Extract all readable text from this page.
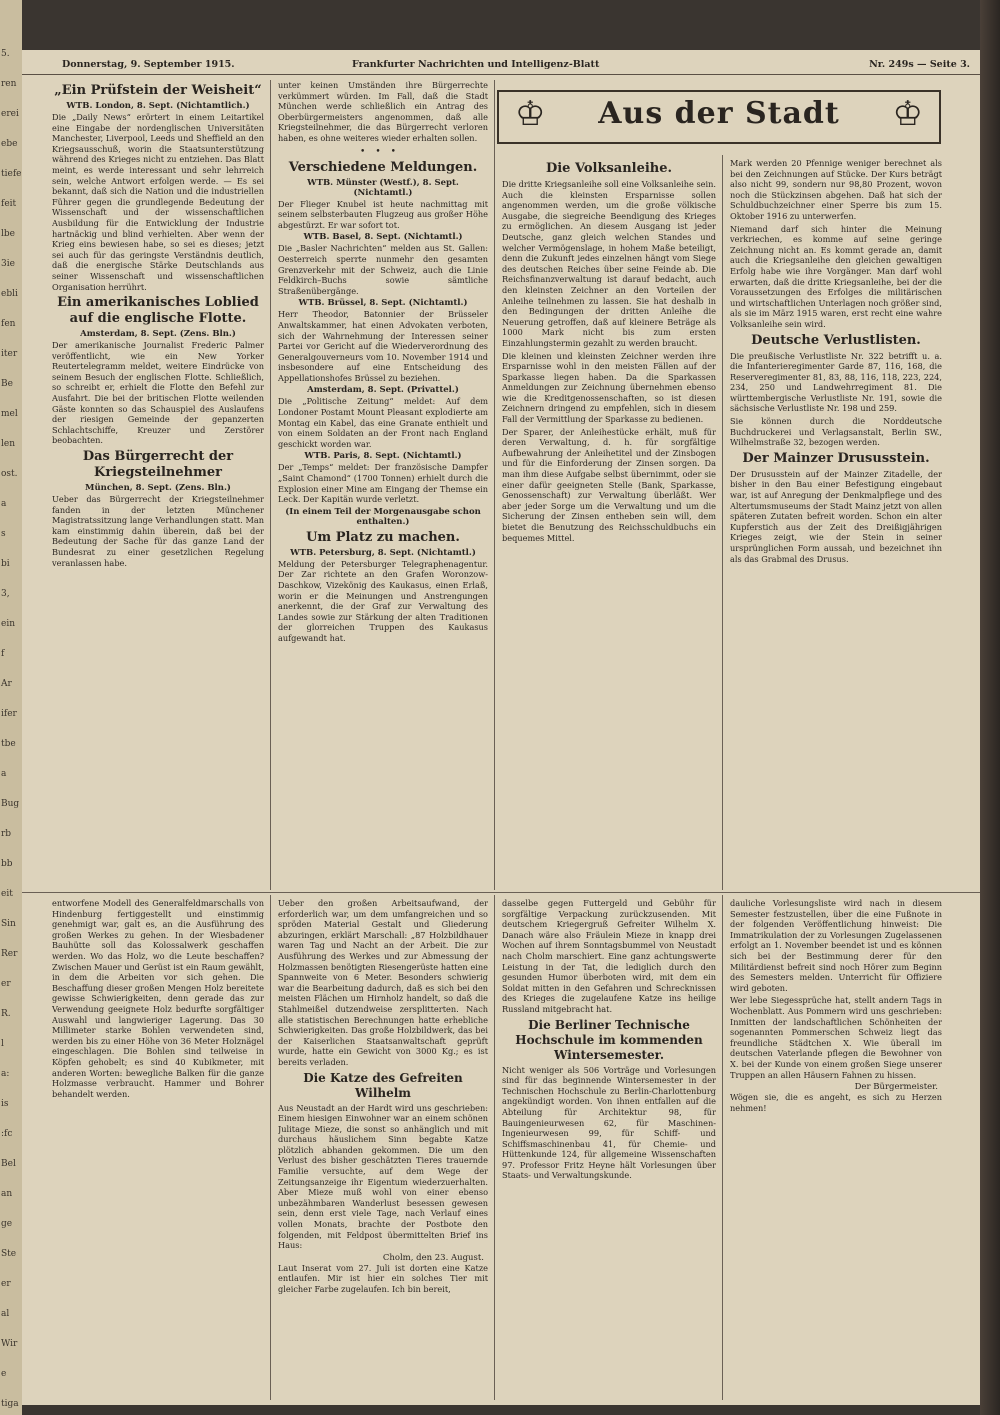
5.
ren
erei
ebe
tiefe
feit
lbe
3ie
ebli
fen
iter
Be
mel
len
ost.
a
s
bi
3,
ein
f
Ar
ifer
tbe
a
Bug
rb
bb
eit
Sin
Rer
er
R.
l
a:
is
:fc
Bel
an
ge
Ste
er
al
Wir
e
tiga
Donnerstag, 9. September 1915.	Frankfurter Nachrichten und Intelligenz-Blatt	Nr. 249s — Seite 3.
♔	Aus der Stadt	♔
„Ein Prüfstein der Weisheit“
WTB. London, 8. Sept. (Nichtamtlich.)

Die „Daily News“ erörtert in einem Leitartikel eine Eingabe der nordenglischen Universitäten Manchester, Liverpool, Leeds und Sheffield an den Kriegsausschuß, worin die Staatsunterstützung während des Krieges nicht zu entziehen. Das Blatt meint, es werde interessant und sehr lehrreich sein, welche Antwort erfolgen werde. — Es sei bekannt, daß sich die Nation und die industriellen Führer gegen die grundlegende Bedeutung der Wissenschaft und der wissenschaftlichen Ausbildung für die Entwicklung der Industrie hartnäckig und blind verhielten. Aber wenn der Krieg eins bewiesen habe, so sei es dieses; jetzt sei auch für das geringste Verständnis deutlich, daß die energische Stärke Deutschlands aus seiner Wissenschaft und wissenschaftlichen Organisation herrührt.

Ein amerikanisches Loblied auf die englische Flotte.
Amsterdam, 8. Sept. (Zens. Bln.)

Der amerikanische Journalist Frederic Palmer veröffentlicht, wie ein New Yorker Reutertelegramm meldet, weitere Eindrücke von seinem Besuch der englischen Flotte. Schließlich, so schreibt er, erhielt die Flotte den Befehl zur Ausfahrt. Die bei der britischen Flotte weilenden Gäste konnten so das Schauspiel des Auslaufens der riesigen Gemeinde der gepanzerten Schlachtschiffe, Kreuzer und Zerstörer beobachten.

Das Bürgerrecht der Kriegsteilnehmer
München, 8. Sept. (Zens. Bln.)

Ueber das Bürgerrecht der Kriegsteilnehmer fanden in der letzten Münchener Magistratssitzung lange Verhandlungen statt. Man kam einstimmig dahin überein, daß bei der Bedeutung der Sache für das ganze Land der Bundesrat zu einer gesetzlichen Regelung veranlassen habe.

unter keinen Umständen ihre Bürgerrechte verkümmert würden. Im Fall, daß die Stadt München werde schließlich ein Antrag des Oberbürgermeisters angenommen, daß alle Kriegsteilnehmer, die das Bürgerrecht verloren haben, es ohne weiteres wieder erhalten sollen.

•••
Verschiedene Meldungen.
WTB. Münster (Westf.), 8. Sept. (Nichtamtl.)

Der Flieger Knubel ist heute nachmittag mit seinem selbsterbauten Flugzeug aus großer Höhe abgestürzt. Er war sofort tot.

WTB. Basel, 8. Sept. (Nichtamtl.)

Die „Basler Nachrichten“ melden aus St. Gallen: Oesterreich sperrte nunmehr den gesamten Grenzverkehr mit der Schweiz, auch die Linie Feldkirch–Buchs sowie sämtliche Straßenübergänge.

WTB. Brüssel, 8. Sept. (Nichtamtl.)

Herr Theodor, Batonnier der Brüsseler Anwaltskammer, hat einen Advokaten verboten, sich der Wahrnehmung der Interessen seiner Partei vor Gericht auf die Wiederverordnung des Generalgouverneurs vom 10. November 1914 und insbesondere auf eine Entscheidung des Appellationshofes Brüssel zu beziehen.

Amsterdam, 8. Sept. (Privattel.)

Die „Politische Zeitung“ meldet: Auf dem Londoner Postamt Mount Pleasant explodierte am Montag ein Kabel, das eine Granate enthielt und von einem Soldaten an der Front nach England geschickt worden war.

WTB. Paris, 8. Sept. (Nichtamtl.)

Der „Temps“ meldet: Der französische Dampfer „Saint Chamond“ (1700 Tonnen) erhielt durch die Explosion einer Mine am Eingang der Themse ein Leck. Der Kapitän wurde verletzt.

(In einem Teil der Morgenausgabe schon enthalten.)
Um Platz zu machen.
WTB. Petersburg, 8. Sept. (Nichtamtl.)

Meldung der Petersburger Telegraphenagentur. Der Zar richtete an den Grafen Woronzow-Daschkow, Vizekönig des Kaukasus, einen Erlaß, worin er die Meinungen und Anstrengungen anerkennt, die der Graf zur Verwaltung des Landes sowie zur Stärkung der alten Traditionen der glorreichen Truppen des Kaukasus aufgewandt hat.

Die Volksanleihe.

Die dritte Kriegsanleihe soll eine Volksanleihe sein. Auch die kleinsten Ersparnisse sollen angenommen werden, um die große völkische Ausgabe, die siegreiche Beendigung des Krieges zu ermöglichen. An diesem Ausgang ist jeder Deutsche, ganz gleich welchen Standes und welcher Vermögenslage, in hohem Maße beteiligt, denn die Zukunft jedes einzelnen hängt vom Siege des deutschen Reiches über seine Feinde ab. Die Reichsfinanzverwaltung ist darauf bedacht, auch den kleinsten Zeichner an den Vorteilen der Anleihe teilnehmen zu lassen. Sie hat deshalb in den Bedingungen der dritten Anleihe die Neuerung getroffen, daß auf kleinere Beträge als 1000 Mark nicht bis zum ersten Einzahlungstermin gezahlt zu werden braucht.

Die kleinen und kleinsten Zeichner werden ihre Ersparnisse wohl in den meisten Fällen auf der Sparkasse liegen haben. Da die Sparkassen Anmeldungen zur Zeichnung übernehmen ebenso wie die Kreditgenossenschaften, so ist diesen Zeichnern dringend zu empfehlen, sich in diesem Fall der Vermittlung der Sparkasse zu bedienen.

Der Sparer, der Anleihestücke erhält, muß für deren Verwaltung, d. h. für sorgfältige Aufbewahrung der Anleihetitel und der Zinsbogen und für die Einforderung der Zinsen sorgen. Da man ihm diese Aufgabe selbst übernimmt, oder sie einer dafür geeigneten Stelle (Bank, Sparkasse, Genossenschaft) zur Verwaltung überläßt. Wer aber jeder Sorge um die Verwaltung und um die Sicherung der Zinsen entheben sein will, dem bietet die Benutzung des Reichsschuldbuchs ein bequemes Mittel.

Mark werden 20 Pfennige weniger berechnet als bei den Zeichnungen auf Stücke. Der Kurs beträgt also nicht 99, sondern nur 98,80 Prozent, wovon noch die Stückzinsen abgehen. Daß hat sich der Schuldbuchzeichner einer Sperre bis zum 15. Oktober 1916 zu unterwerfen.

Niemand darf sich hinter die Meinung verkriechen, es komme auf seine geringe Zeichnung nicht an. Es kommt gerade an, damit auch die Kriegsanleihe den gleichen gewaltigen Erfolg habe wie ihre Vorgänger. Man darf wohl erwarten, daß die dritte Kriegsanleihe, bei der die Voraussetzungen des Erfolges die militärischen und wirtschaftlichen Unterlagen noch größer sind, als sie im März 1915 waren, erst recht eine wahre Volksanleihe sein wird.

Deutsche Verlustlisten.

Die preußische Verlustliste Nr. 322 betrifft u. a. die Infanterieregimenter Garde 87, 116, 168, die Reserveregimenter 81, 83, 88, 116, 118, 223, 224, 234, 250 und Landwehrregiment 81. Die württembergische Verlustliste Nr. 191, sowie die sächsische Verlustliste Nr. 198 und 259.

Sie können durch die Norddeutsche Buchdruckerei und Verlagsanstalt, Berlin SW., Wilhelmstraße 32, bezogen werden.

Der Mainzer Drususstein.

Der Drususstein auf der Mainzer Zitadelle, der bisher in den Bau einer Befestigung eingebaut war, ist auf Anregung der Denkmalpflege und des Altertumsmuseums der Stadt Mainz jetzt von allen späteren Zutaten befreit worden. Schon ein alter Kupferstich aus der Zeit des Dreißigjährigen Krieges zeigt, wie der Stein in seiner ursprünglichen Form aussah, und bezeichnet ihn als das Grabmal des Drusus.

entworfene Modell des Generalfeldmarschalls von Hindenburg fertiggestellt und einstimmig genehmigt war, galt es, an die Ausführung des großen Werkes zu gehen. In der Wiesbadener Bauhütte soll das Kolossalwerk geschaffen werden. Wo das Holz, wo die Leute beschaffen? Zwischen Mauer und Gerüst ist ein Raum gewählt, in dem die Arbeiten vor sich gehen. Die Beschaffung dieser großen Mengen Holz bereitete gewisse Schwierigkeiten, denn gerade das zur Verwendung geeignete Holz bedurfte sorgfältiger Auswahl und langwieriger Lagerung. Das 30 Millimeter starke Bohlen verwendeten sind, werden bis zu einer Höhe von 36 Meter Holznägel eingeschlagen. Die Bohlen sind teilweise in Köpfen gehobelt; es sind 40 Kubikmeter, mit anderen Worten: bewegliche Balken für die ganze Holzmasse verbraucht. Hammer und Bohrer behandelt werden.

Ueber den großen Arbeitsaufwand, der erforderlich war, um dem umfangreichen und so spröden Material Gestalt und Gliederung abzuringen, erklärt Marschall: „87 Holzbildhauer waren Tag und Nacht an der Arbeit. Die zur Ausführung des Werkes und zur Abmessung der Holzmassen benötigten Riesengerüste hatten eine Spannweite von 6 Meter. Besonders schwierig war die Bearbeitung dadurch, daß es sich bei den meisten Flächen um Hirnholz handelt, so daß die Stahlmeißel dutzendweise zersplitterten. Nach alle statistischen Berechnungen hatte erhebliche Schwierigkeiten. Das große Holzbildwerk, das bei der Kaiserlichen Staatsanwaltschaft geprüft wurde, hatte ein Gewicht von 3000 Kg.; es ist bereits verladen.

Die Katze des Gefreiten Wilhelm

Aus Neustadt an der Hardt wird uns geschrieben: Einem hiesigen Einwohner war an einem schönen Julitage Mieze, die sonst so anhänglich und mit durchaus häuslichem Sinn begabte Katze plötzlich abhanden gekommen. Die um den Verlust des bisher geschätzten Tieres trauernde Familie versuchte, auf dem Wege der Zeitungsanzeige ihr Eigentum wiederzuerhalten. Aber Mieze muß wohl von einer ebenso unbezähmbaren Wanderlust besessen gewesen sein, denn erst viele Tage, nach Verlauf eines vollen Monats, brachte der Postbote den folgenden, mit Feldpost übermittelten Brief ins Haus:

Cholm, den 23. August.

Laut Inserat vom 27. Juli ist dorten eine Katze entlaufen. Mir ist hier ein solches Tier mit gleicher Farbe zugelaufen. Ich bin bereit,

dasselbe gegen Futtergeld und Gebühr für sorgfältige Verpackung zurückzusenden. Mit deutschem Kriegergruß Gefreiter Wilhelm X. Danach wäre also Fräulein Mieze in knapp drei Wochen auf ihrem Sonntagsbummel von Neustadt nach Cholm marschiert. Eine ganz achtungswerte Leistung in der Tat, die lediglich durch den gesunden Humor überboten wird, mit dem ein Soldat mitten in den Gefahren und Schrecknissen des Krieges die zugelaufene Katze ins heilige Russland mitgebracht hat.

Die Berliner Technische Hochschule im kommenden Wintersemester.

Nicht weniger als 506 Vorträge und Vorlesungen sind für das beginnende Wintersemester in der Technischen Hochschule zu Berlin-Charlottenburg angekündigt worden. Von ihnen entfallen auf die Abteilung für Architektur 98, für Bauingenieurwesen 62, für Maschinen-Ingenieurwesen 99, für Schiff- und Schiffsmaschinenbau 41, für Chemie- und Hüttenkunde 124, für allgemeine Wissenschaften 97. Professor Fritz Heyne hält Vorlesungen über Staats- und Verwaltungskunde.

dauliche Vorlesungsliste wird nach in diesem Semester festzustellen, über die eine Fußnote in der folgenden Veröffentlichung hinweist: Die Immatrikulation der zu Vorlesungen Zugelassenen erfolgt an 1. November beendet ist und es können sich bei der Bestimmung derer für den Militärdienst befreit sind noch Hörer zum Beginn des Semesters melden. Unterricht für Offiziere wird geboten.

Wer lebe Siegessprüche hat, stellt andern Tags in Wochenblatt. Aus Pommern wird uns geschrieben: Inmitten der landschaftlichen Schönheiten der sogenannten Pommerschen Schweiz liegt das freundliche Städtchen X. Wie überall im deutschen Vaterlande pflegen die Bewohner von X. bei der Kunde von einem großen Siege unserer Truppen an allen Häusern Fahnen zu hissen.

Der Bürgermeister.

Wögen sie, die es angeht, es sich zu Herzen nehmen!
